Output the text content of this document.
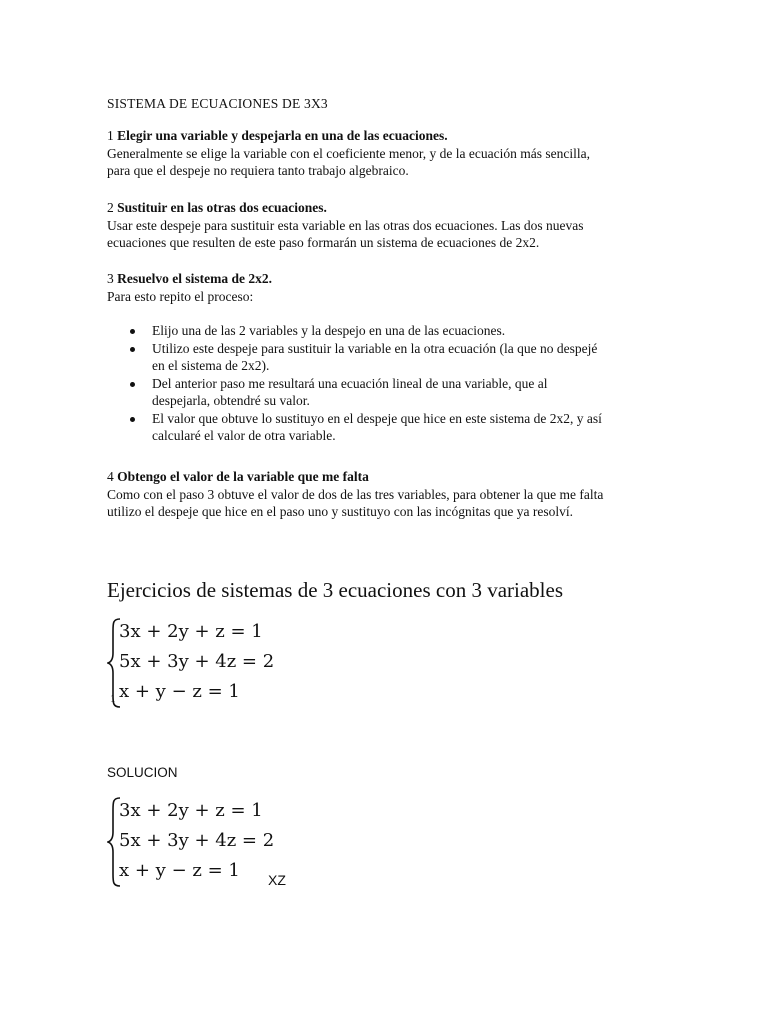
SISTEMA DE ECUACIONES DE 3X3

1 Elegir una variable y despejarla en una de las ecuaciones.

Generalmente se elige la variable con el coeficiente menor, y de la ecuación más sencilla,

para que el despeje no requiera tanto trabajo algebraico.

2 Sustituir en las otras dos ecuaciones.

Usar este despeje para sustituir esta variable en las otras dos ecuaciones. Las dos nuevas

ecuaciones que resulten de este paso formarán un sistema de ecuaciones de 2x2.

3 Resuelvo el sistema de 2x2.

Para esto repito el proceso:

Elijo una de las 2 variables y la despejo en una de las ecuaciones.
Utilizo este despeje para sustituir la variable en la otra ecuación (la que no despejé
en el sistema de 2x2).
Del anterior paso me resultará una ecuación lineal de una variable, que al
despejarla, obtendré su valor.
El valor que obtuve lo sustituyo en el despeje que hice en este sistema de 2x2, y así
calcularé el valor de otra variable.

4 Obtengo el valor de la variable que me falta

Como con el paso 3 obtuve el valor de dos de las tres variables, para obtener la que me falta

utilizo el despeje que hice en el paso uno y sustituyo con las incógnitas que ya resolví.

Ejercicios de sistemas de 3 ecuaciones con 3 variables
3x + 2y + z = 1
5x + 3y + 4z = 2
x + y − z = 1
1
SOLUCION
3x + 2y + z = 1
5x + 3y + 4z = 2
x + y − z = 1	XZ
